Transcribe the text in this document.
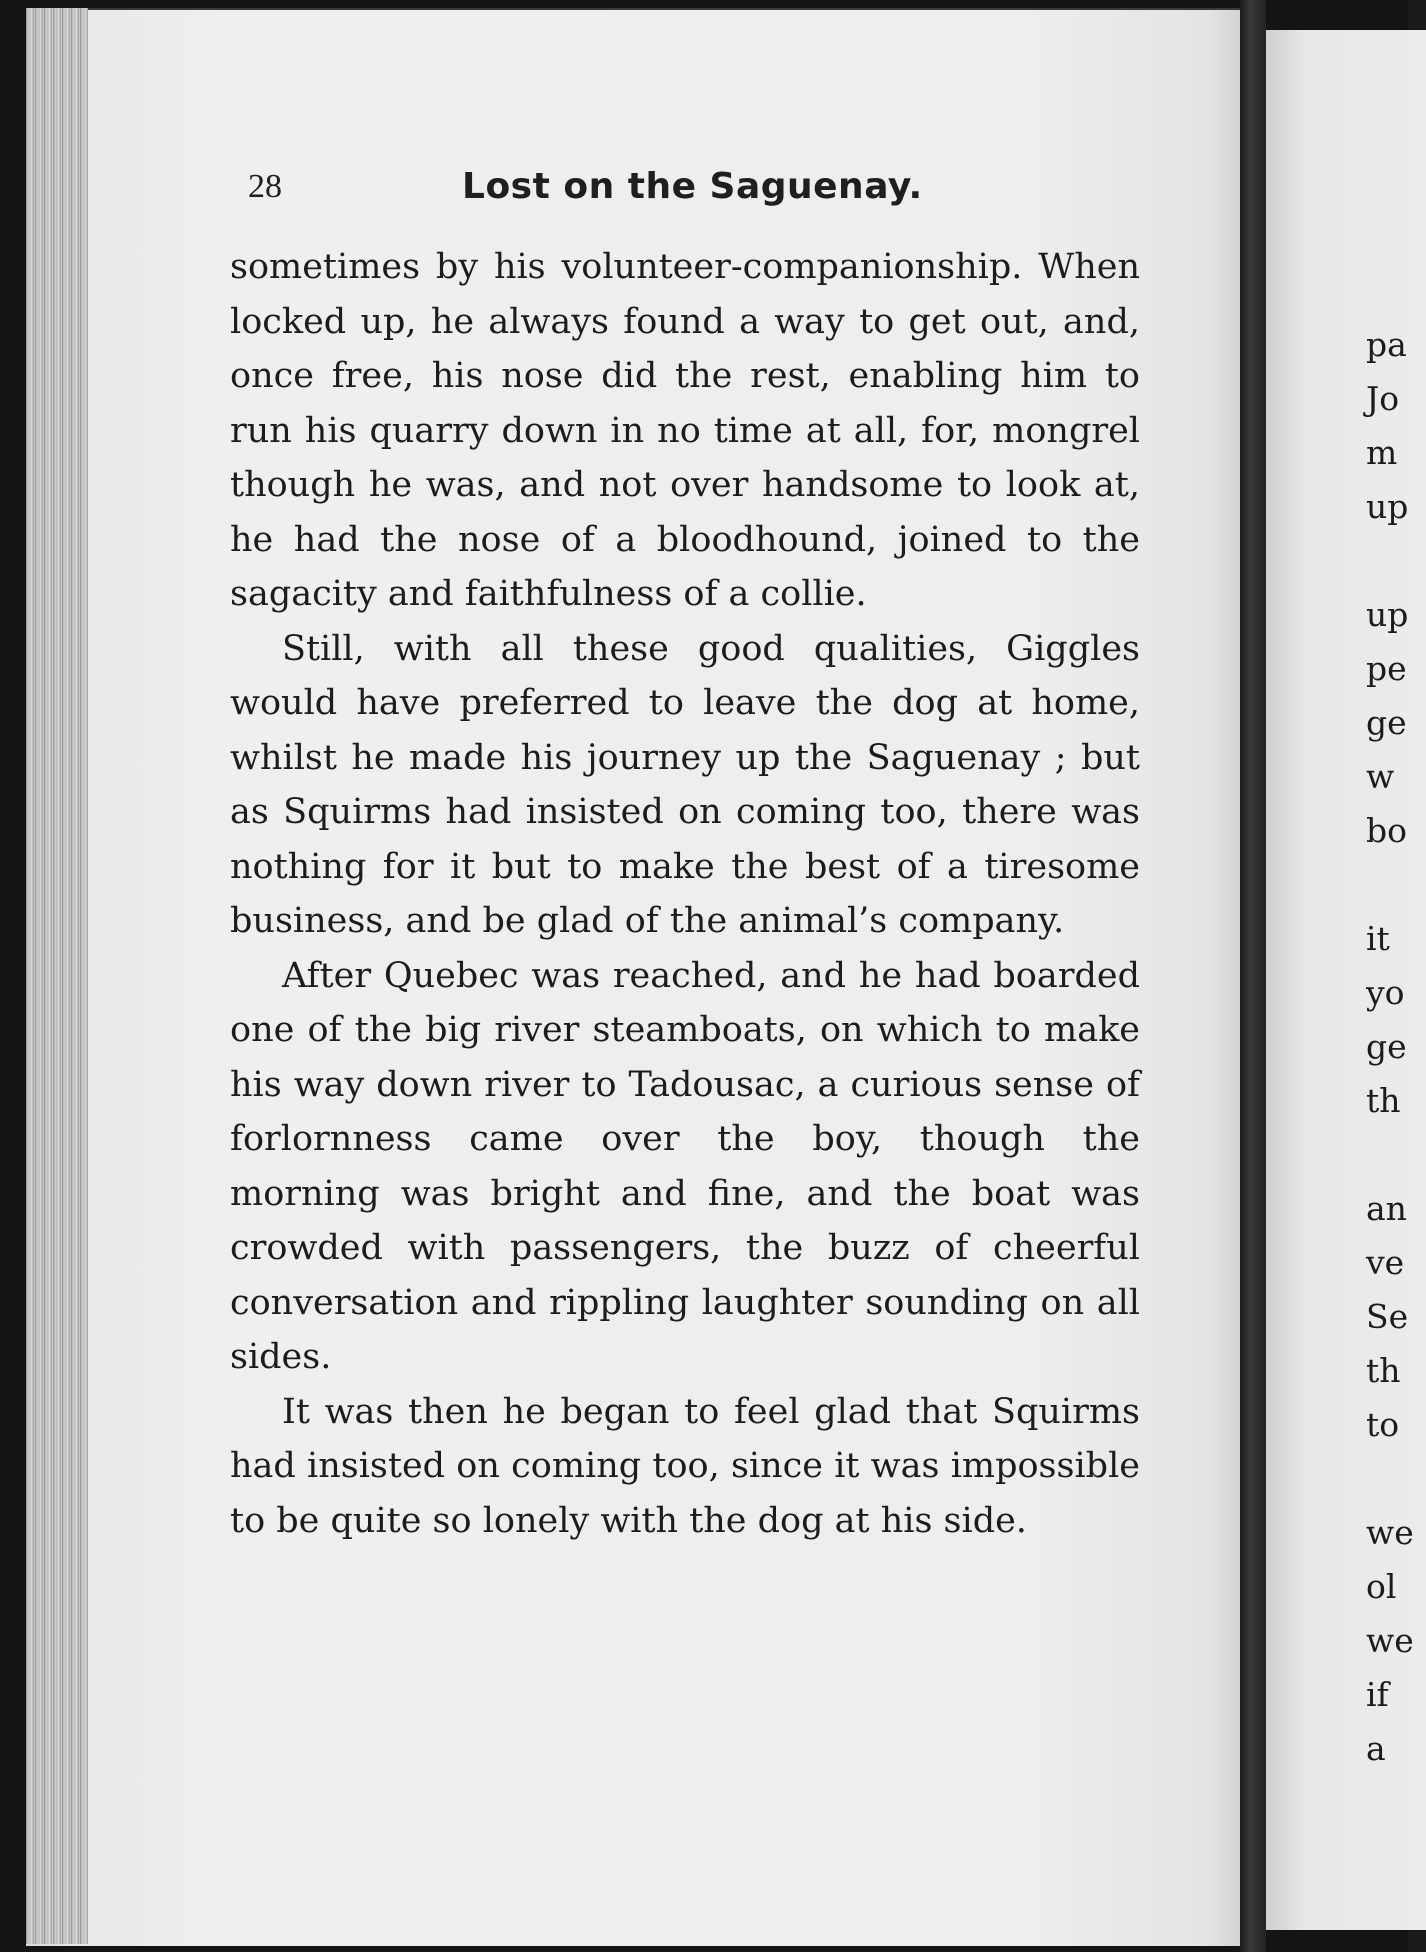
28	Lost on the Saguenay.

sometimes by his volunteer-companionship. When locked up, he always found a way to get out, and, once free, his nose did the rest, enabling him to run his quarry down in no time at all, for, mongrel though he was, and not over handsome to look at, he had the nose of a bloodhound, joined to the sagacity and faithfulness of a collie.

Still, with all these good qualities, Giggles would have preferred to leave the dog at home, whilst he made his journey up the Saguenay ; but as Squirms had insisted on coming too, there was nothing for it but to make the best of a tiresome business, and be glad of the animal’s company.

After Quebec was reached, and he had boarded one of the big river steamboats, on which to make his way down river to Tadousac, a curious sense of forlornness came over the boy, though the morning was bright and fine, and the boat was crowded with passengers, the buzz of cheerful conversation and rippling laughter sounding on all sides.

It was then he began to feel glad that Squirms had insisted on coming too, since it was impossible to be quite so lonely with the dog at his side.

pa
Jo
m
up
up
pe
ge
w
bo
it
yo
ge
th
an
ve
Se
th
to
we
ol
we
if
a
